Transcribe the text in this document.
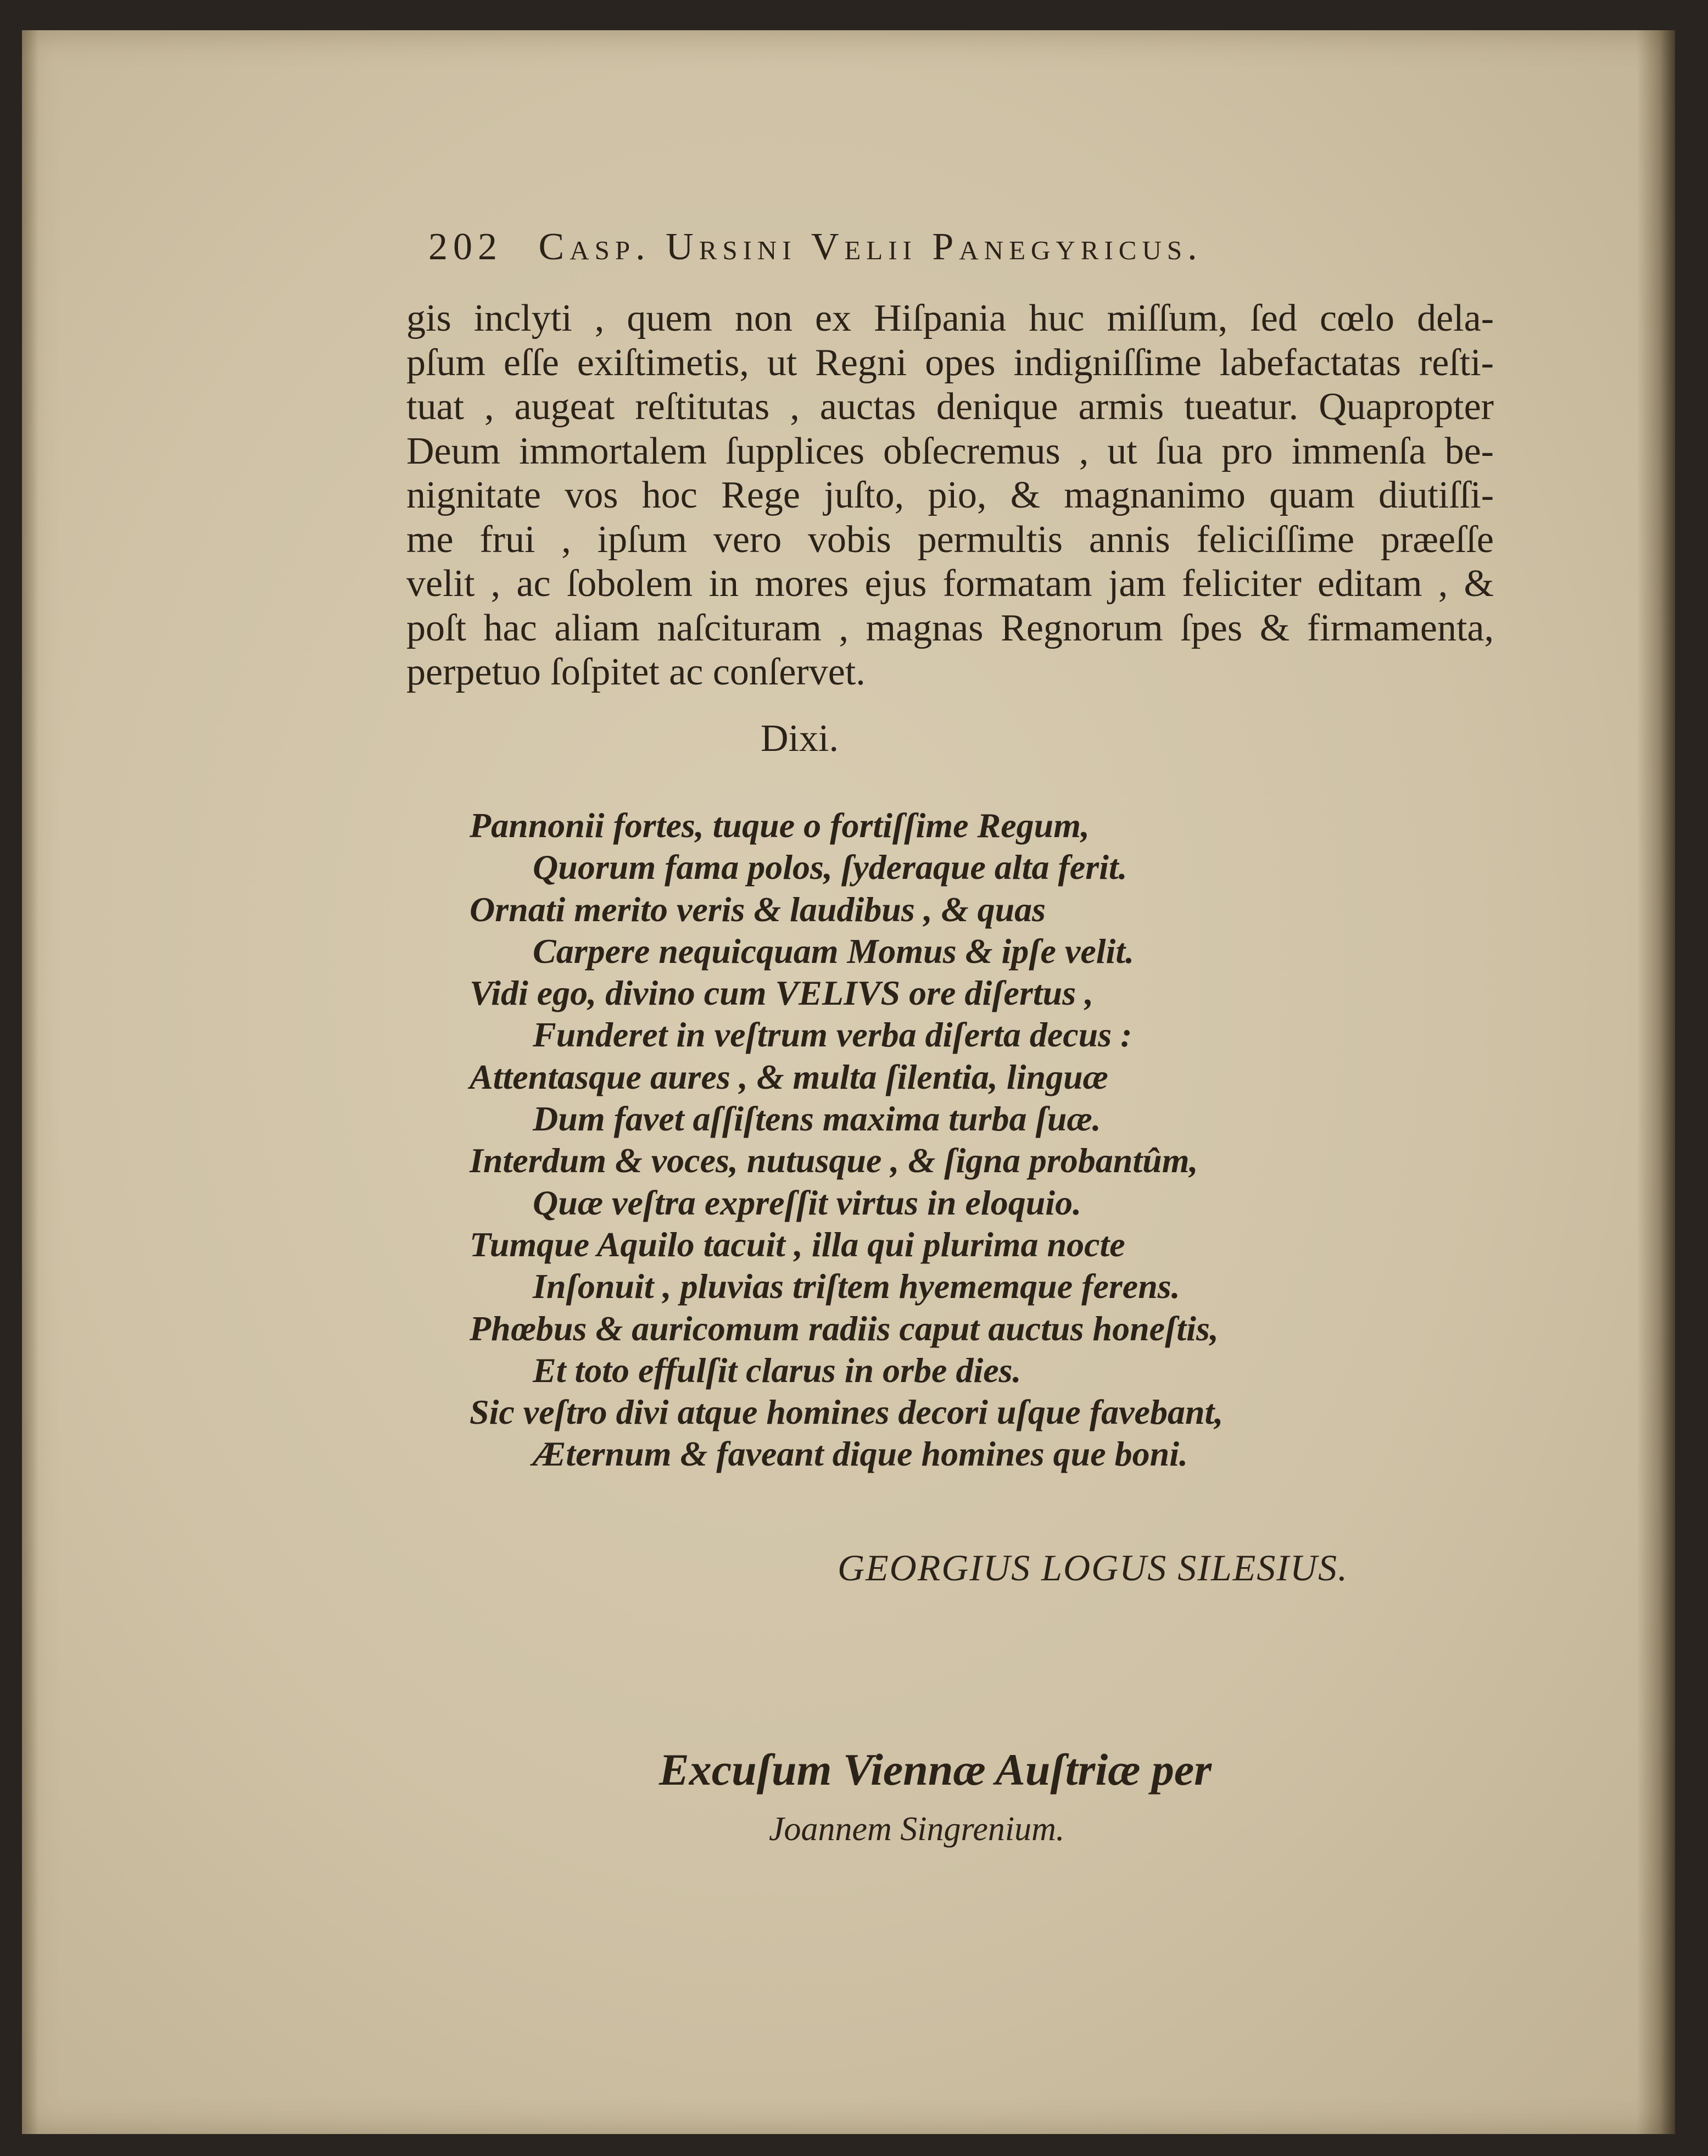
202 Casp. Ursini Velii Panegyricus.
gis inclyti , quem non ex Hiſpania huc miſſum, ſed cœlo dela-
pſum eſſe exiſtimetis, ut Regni opes indigniſſime labefactatas reſti-
tuat , augeat reſtitutas , auctas denique armis tueatur. Quapropter
Deum immortalem ſupplices obſecremus , ut ſua pro immenſa be-
nignitate vos hoc Rege juſto, pio, & magnanimo quam diutiſſi-
me frui , ipſum vero vobis permultis annis feliciſſime præeſſe
velit , ac ſobolem in mores ejus formatam jam feliciter editam , &
poſt hac aliam naſcituram , magnas Regnorum ſpes & firmamenta,
perpetuo ſoſpitet ac conſervet.
Dixi.
Pannonii fortes, tuque o fortiſſime Regum,
Quorum fama polos, ſyderaque alta ferit.
Ornati merito veris & laudibus , & quas
Carpere nequicquam Momus & ipſe velit.
Vidi ego, divino cum VELIVS ore diſertus ,
Funderet in veſtrum verba diſerta decus :
Attentasque aures , & multa ſilentia, linguæ
Dum favet aſſiſtens maxima turba ſuæ.
Interdum & voces, nutusque , & ſigna probantûm,
Quæ veſtra expreſſit virtus in eloquio.
Tumque Aquilo tacuit , illa qui plurima nocte
Inſonuit , pluvias triſtem hyememque ferens.
Phœbus & auricomum radiis caput auctus honeſtis,
Et toto effulſit clarus in orbe dies.
Sic veſtro divi atque homines decori uſque favebant,
Æternum & faveant dique homines que boni.
GEORGIUS LOGUS SILESIUS.
Excuſum Viennæ Auſtriæ per
Joannem Singrenium.
